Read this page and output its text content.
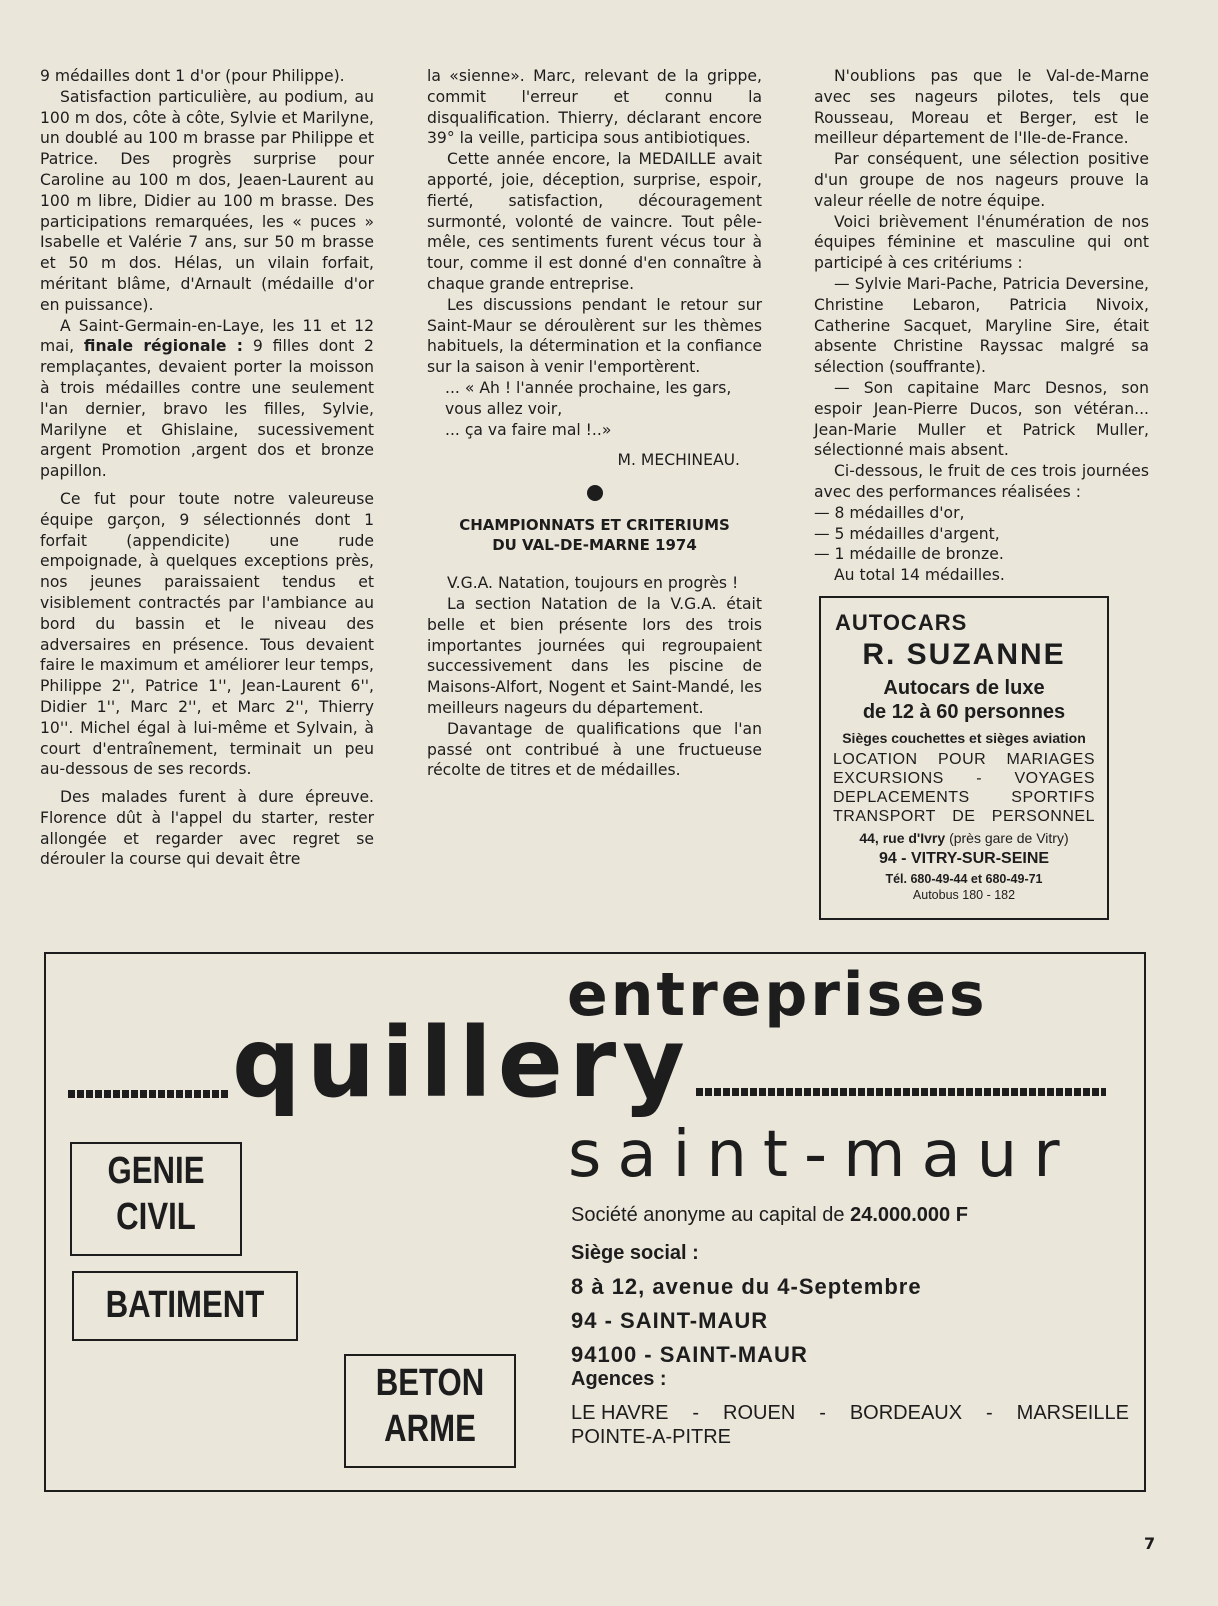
9 médailles dont 1 d'or (pour Philippe).

Satisfaction particulière, au podium, au 100 m dos, côte à côte, Sylvie et Marilyne, un doublé au 100 m brasse par Philippe et Patrice. Des progrès surprise pour Caroline au 100 m dos, Jeaen-Laurent au 100 m libre, Didier au 100 m brasse. Des participations remarquées, les « puces » Isabelle et Valérie 7 ans, sur 50 m brasse et 50 m dos. Hélas, un vilain forfait, méritant blâme, d'Arnault (médaille d'or en puissance).

A Saint-Germain-en-Laye, les 11 et 12 mai, finale régionale : 9 filles dont 2 remplaçantes, devaient porter la moisson à trois médailles contre une seulement l'an dernier, bravo les filles, Sylvie, Marilyne et Ghislaine, sucessivement argent Promotion ,argent dos et bronze papillon.

Ce fut pour toute notre valeureuse équipe garçon, 9 sélectionnés dont 1 forfait (appendicite) une rude empoignade, à quelques exceptions près, nos jeunes paraissaient tendus et visiblement contractés par l'ambiance au bord du bassin et le niveau des adversaires en présence. Tous devaient faire le maximum et améliorer leur temps, Philippe 2'', Patrice 1'', Jean-Laurent 6'', Didier 1'', Marc 2'', et Marc 2'', Thierry 10''. Michel égal à lui-même et Sylvain, à court d'entraînement, terminait un peu au-dessous de ses records.

Des malades furent à dure épreuve. Florence dût à l'appel du starter, rester allongée et regarder avec regret se dérouler la course qui devait être

la «sienne». Marc, relevant de la grippe, commit l'erreur et connu la disqualification. Thierry, déclarant encore 39° la veille, participa sous antibiotiques.

Cette année encore, la MEDAILLE avait apporté, joie, déception, surprise, espoir, fierté, satisfaction, découragement surmonté, volonté de vaincre. Tout pêle-mêle, ces sentiments furent vécus tour à tour, comme il est donné d'en connaître à chaque grande entreprise.

Les discussions pendant le retour sur Saint-Maur se déroulèrent sur les thèmes habituels, la détermination et la confiance sur la saison à venir l'emportèrent.

... « Ah ! l'année prochaine, les gars,

vous allez voir,

... ça va faire mal !..»

M. MECHINEAU.

CHAMPIONNATS ET CRITERIUMS
DU VAL-DE-MARNE 1974

V.G.A. Natation, toujours en progrès !

La section Natation de la V.G.A. était belle et bien présente lors des trois importantes journées qui regroupaient successivement dans les piscine de Maisons-Alfort, Nogent et Saint-Mandé, les meilleurs nageurs du département.

Davantage de qualifications que l'an passé ont contribué à une fructueuse récolte de titres et de médailles.

N'oublions pas que le Val-de-Marne avec ses nageurs pilotes, tels que Rousseau, Moreau et Berger, est le meilleur département de l'Ile-de-France.

Par conséquent, une sélection positive d'un groupe de nos nageurs prouve la valeur réelle de notre équipe.

Voici brièvement l'énumération de nos équipes féminine et masculine qui ont participé à ces critériums :

— Sylvie Mari-Pache, Patricia Deversine, Christine Lebaron, Patricia Nivoix, Catherine Sacquet, Maryline Sire, était absente Christine Rayssac malgré sa sélection (souffrante).

— Son capitaine Marc Desnos, son espoir Jean-Pierre Ducos, son vétéran... Jean-Marie Muller et Patrick Muller, sélectionné mais absent.

Ci-dessous, le fruit de ces trois journées avec des performances réalisées :

— 8 médailles d'or,

— 5 médailles d'argent,

— 1 médaille de bronze.

Au total 14 médailles.

AUTOCARS
R. SUZANNE
Autocars de luxe
de 12 à 60 personnes
Sièges couchettes et sièges aviation
LOCATION POUR MARIAGES
EXCURSIONS - VOYAGES
DEPLACEMENTS	SPORTIFS
TRANSPORT DE PERSONNEL
44, rue d'Ivry (près gare de Vitry)
94 - VITRY-SUR-SEINE
Tél. 680-49-44 et 680-49-71
Autobus 180 - 182
entreprises
quillery
saint-maur
GENIE
CIVIL
BATIMENT
BETON
ARME
Société anonyme au capital de 24.000.000 F
Siège social :
8 à 12, avenue du 4-Septembre
94 - SAINT-MAUR
94100 - SAINT-MAUR
Agences :
LE HAVRE - ROUEN - BORDEAUX - MARSEILLE
POINTE-A-PITRE
7
